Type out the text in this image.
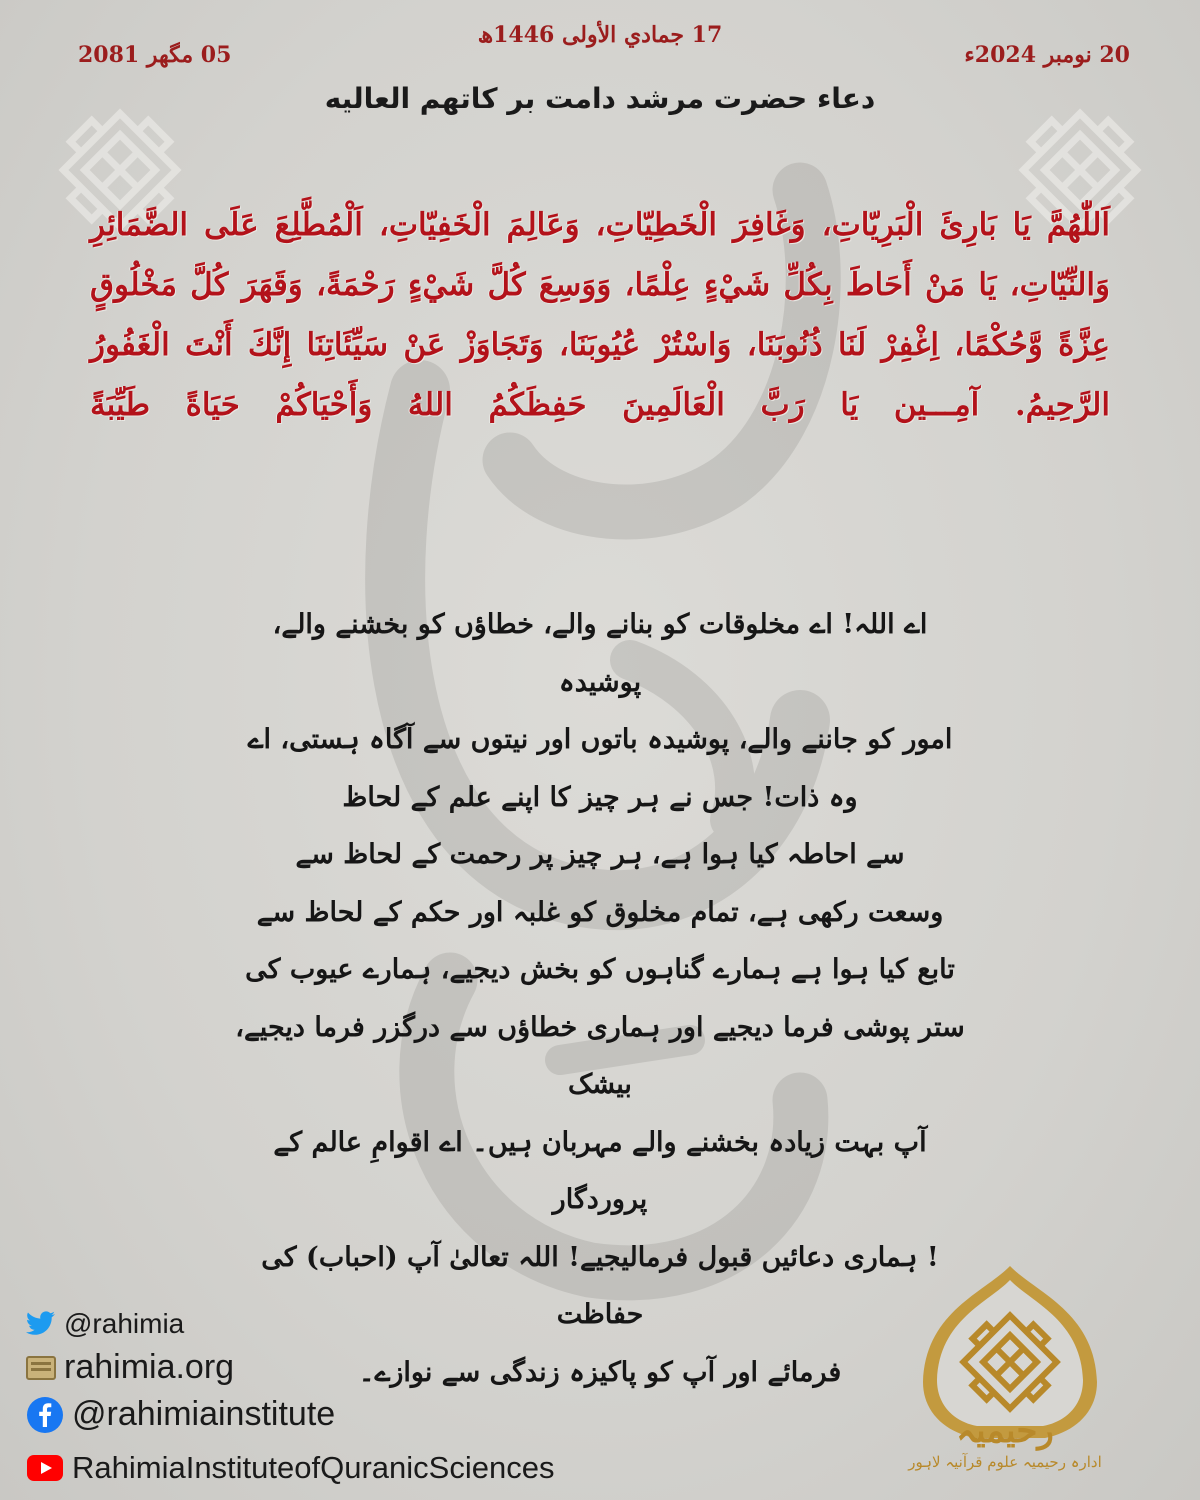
17 جمادي الأولى 1446ھ
20 نومبر 2024ء
05 مگھر 2081
دعاء حضرت مرشد دامت بر کاتهم العالیه
اَللّٰهُمَّ يَا بَارِئَ الْبَرِيّاتِ، وَغَافِرَ الْخَطِيّاتِ، وَعَالِمَ الْخَفِيّاتِ، اَلْمُطَّلِعَ عَلَى الضَّمَائِرِ وَالنِّيّاتِ، يَا مَنْ أَحَاطَ بِكُلِّ شَيْءٍ عِلْمًا، وَوَسِعَ كُلَّ شَيْءٍ رَحْمَةً، وَقَهَرَ كُلَّ مَخْلُوقٍ عِزَّةً وَّحُكْمًا، اِغْفِرْ لَنَا ذُنُوبَنَا، وَاسْتُرْ عُيُوبَنَا، وَتَجَاوَزْ عَنْ سَيِّئَاتِنَا إِنَّكَ أَنْتَ الْغَفُورُ الرَّحِيمُ. آمِـــين يَا رَبَّ الْعَالَمِينَ حَفِظَكُمُ اللهُ وَأَحْيَاكُمْ حَيَاةً طَيِّبَةً
اے اللہ! اے مخلوقات کو بنانے والے، خطاؤں کو بخشنے والے، پوشیدہ
امور کو جاننے والے، پوشیدہ باتوں اور نیتوں سے آگاہ ہستی، اے
وہ ذات! جس نے ہر چیز کا اپنے علم کے لحاظ
سے احاطہ کیا ہوا ہے، ہر چیز پر رحمت کے لحاظ سے
وسعت رکھی ہے، تمام مخلوق کو غلبہ اور حکم کے لحاظ سے
تابع کیا ہوا ہے ہمارے گناہوں کو بخش دیجیے، ہمارے عیوب کی
ستر پوشی فرما دیجیے اور ہماری خطاؤں سے درگزر فرما دیجیے، بیشک
آپ بہت زیادہ بخشنے والے مہربان ہیں۔ اے اقوامِ عالم کے پروردگار
! ہماری دعائیں قبول فرمالیجیے! اللہ تعالیٰ آپ (احباب) کی حفاظت
فرمائے اور آپ کو پاکیزہ زندگی سے نوازے۔
@rahimia
rahimia.org
@rahimiainstitute
RahimiaInstituteofQuranicSciences
رحیمیہ
ادارہ رحیمیہ علوم قرآنیہ لاہور
